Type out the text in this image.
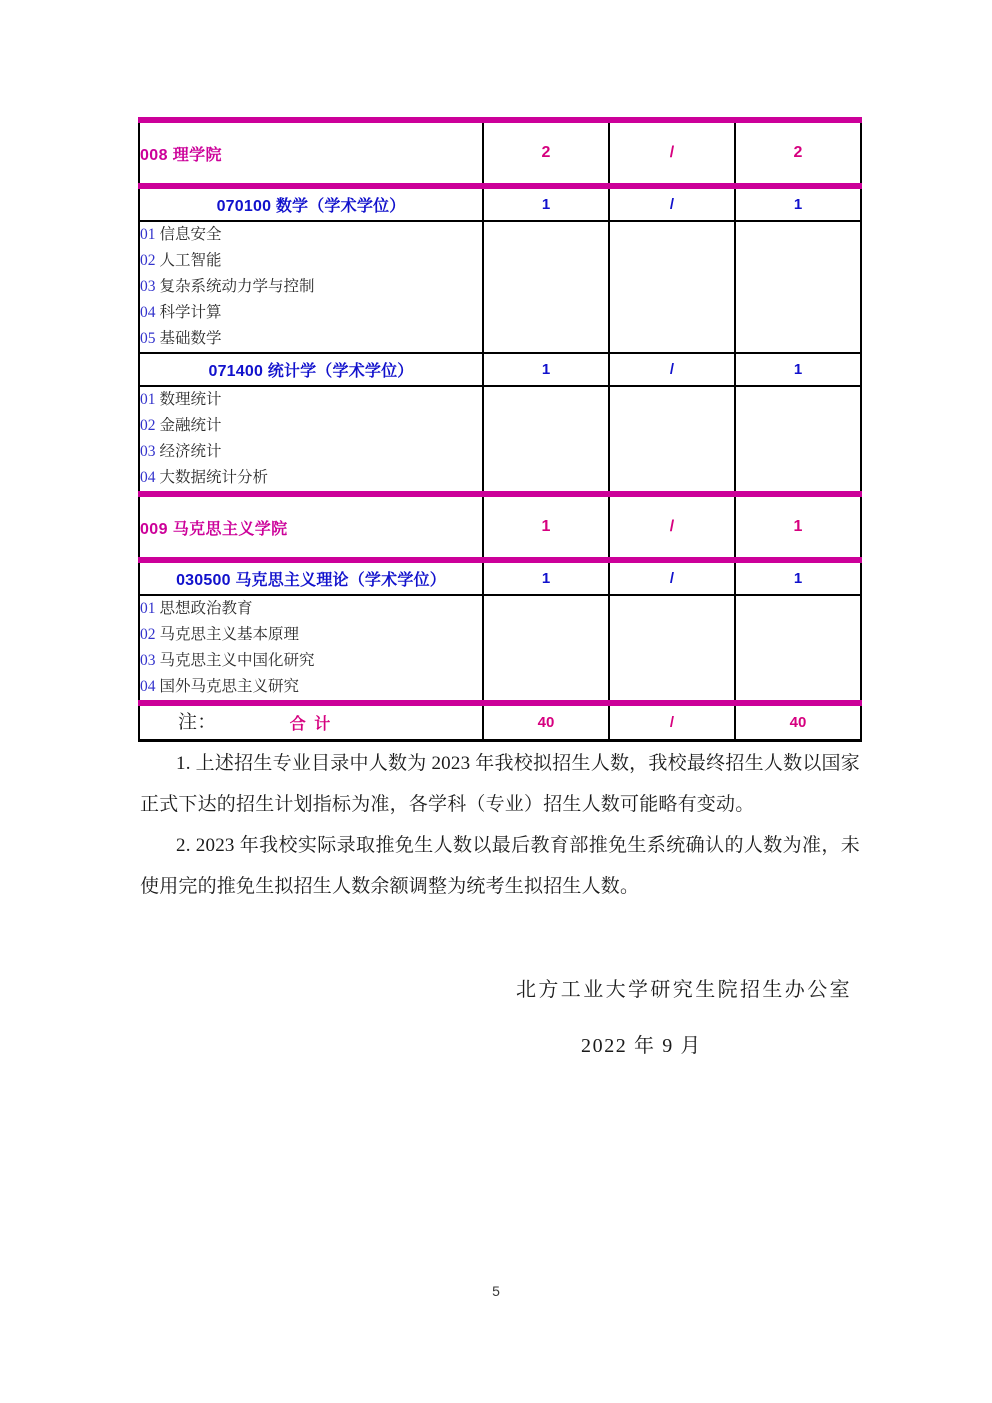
008 理学院	2	/	2
070100 数学（学术学位）	1	/	1

01 信息安全
02 人工智能
03 复杂系统动力学与控制
04 科学计算
05 基础数学			

071400 统计学（学术学位）	1	/	1

01 数理统计
02 金融统计
03 经济统计
04 大数据统计分析			

009 马克思主义学院	1	/	1
030500 马克思主义理论（学术学位）	1	/	1

01 思想政治教育
02 马克思主义基本原理
03 马克思主义中国化研究
04 国外马克思主义研究			

合 计	40	/	40
注：
1. 上述招生专业目录中人数为 2023 年我校拟招生人数，我校最终招生人数以国家正式下达的招生计划指标为准，各学科（专业）招生人数可能略有变动。
2. 2023 年我校实际录取推免生人数以最后教育部推免生系统确认的人数为准，未使用完的推免生拟招生人数余额调整为统考生拟招生人数。
北方工业大学研究生院招生办公室
2022 年 9 月
5
